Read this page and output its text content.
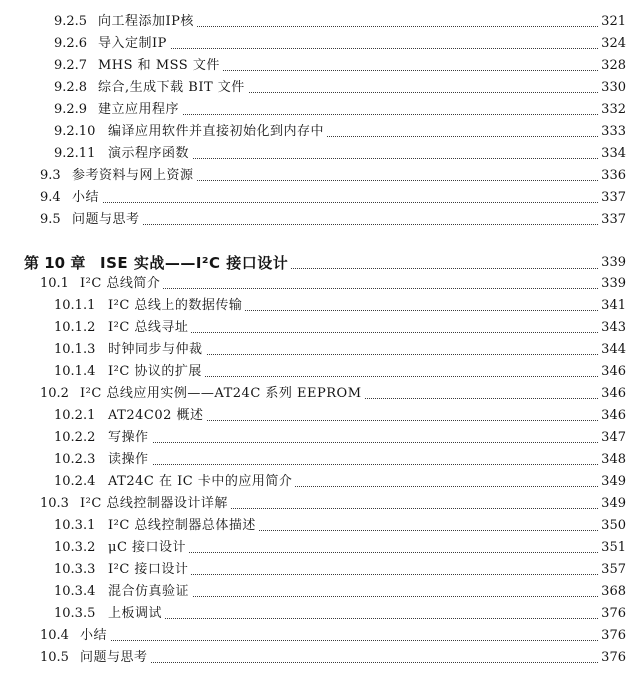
9.2.5 向工程添加IP核	321
9.2.6 导入定制IP	324
9.2.7 MHS 和 MSS 文件	328
9.2.8 综合,生成下载 BIT 文件	330
9.2.9 建立应用程序	332
9.2.10 编译应用软件并直接初始化到内存中	333
9.2.11 演示程序函数	334
9.3 参考资料与网上资源	336
9.4 小结	337
9.5 问题与思考	337
第 10 章 ISE 实战——I²C 接口设计	339
10.1 I²C 总线简介	339
10.1.1 I²C 总线上的数据传输	341
10.1.2 I²C 总线寻址	343
10.1.3 时钟同步与仲裁	344
10.1.4 I²C 协议的扩展	346
10.2 I²C 总线应用实例——AT24C 系列 EEPROM	346
10.2.1 AT24C02 概述	346
10.2.2 写操作	347
10.2.3 读操作	348
10.2.4 AT24C 在 IC 卡中的应用简介	349
10.3 I²C 总线控制器设计详解	349
10.3.1 I²C 总线控制器总体描述	350
10.3.2 μC 接口设计	351
10.3.3 I²C 接口设计	357
10.3.4 混合仿真验证	368
10.3.5 上板调试	376
10.4 小结	376
10.5 问题与思考	376
